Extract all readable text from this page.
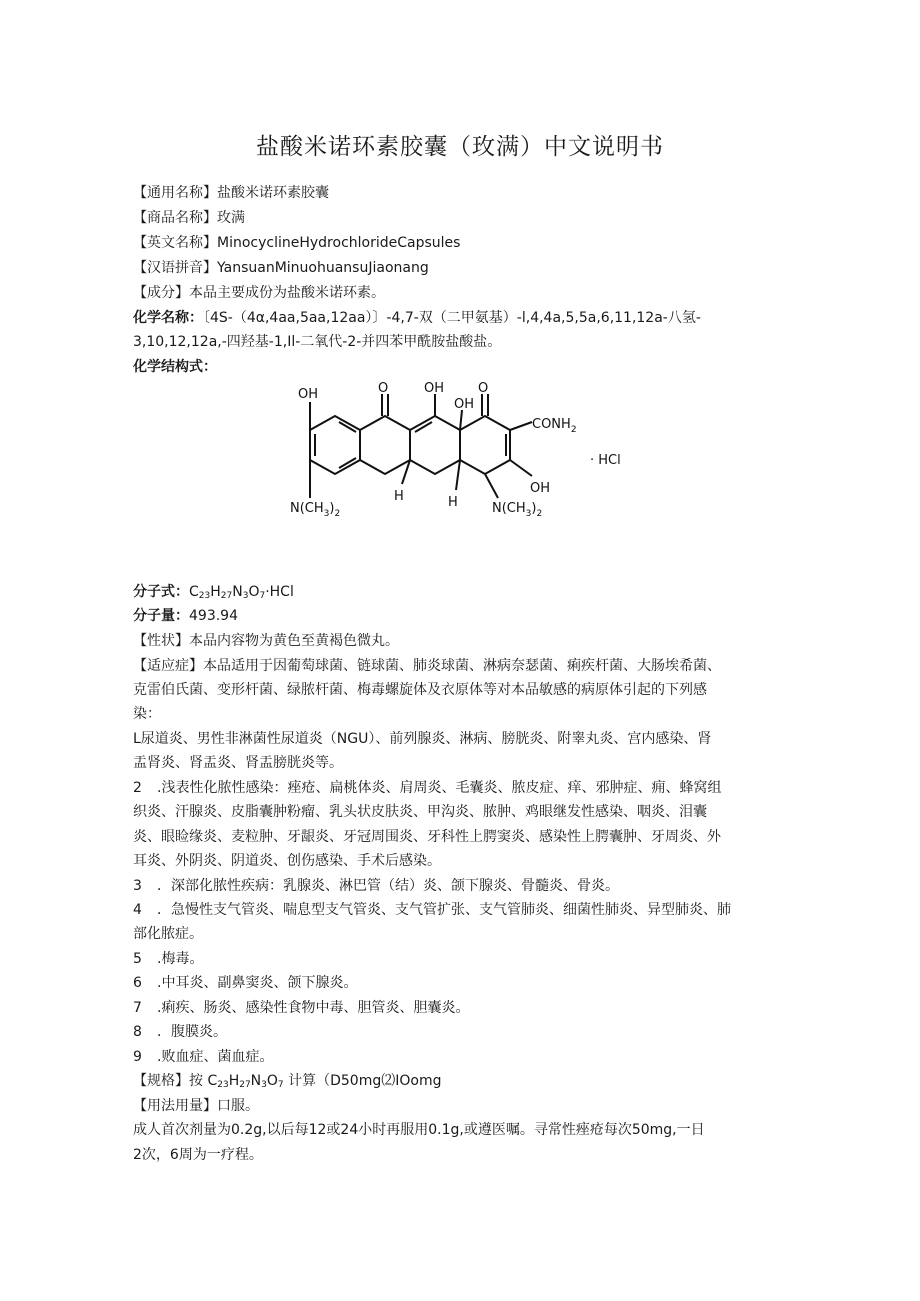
盐酸米诺环素胶囊（玫满）中文说明书

【通用名称】盐酸米诺环素胶囊

【商品名称】玫满

【英文名称】MinocyclineHydrochlorideCapsules

【汉语拼音】YansuanMinuohuansuJiaonang

【成分】本品主要成份为盐酸米诺环素。

化学名称：〔4S-（4α,4aa,5aa,12aa）〕-4,7-双（二甲氨基）-l,4,4a,5,5a,6,11,12a-八氢-

3,10,12,12a,-四羟基-1,Il-二氧代-2-并四苯甲酰胺盐酸盐。

化学结构式：

OH	O	OH
OH
O
$CONH_2$
· HCl
OH
H	H
$N(CH_3)_2$	$N(CH_3)_2$

分子式：$C_{23}H_{27}N_3O_7\cdot HCl$

分子量：493.94

【性状】本品内容物为黄色至黄褐色微丸。

【适应症】本品适用于因葡萄球菌、链球菌、肺炎球菌、淋病奈瑟菌、痢疾杆菌、大肠埃希菌、

克雷伯氏菌、变形杆菌、绿脓杆菌、梅毒螺旋体及衣原体等对本品敏感的病原体引起的下列感

染：

L尿道炎、男性非淋菌性尿道炎（NGU）、前列腺炎、淋病、膀胱炎、附睾丸炎、宫内感染、肾

盂肾炎、肾盂炎、肾盂膀胱炎等。

2 .浅表性化脓性感染：痤疮、扁桃体炎、肩周炎、毛囊炎、脓皮症、痒、邪肿症、痈、蜂窝组

织炎、汗腺炎、皮脂囊肿粉瘤、乳头状皮肤炎、甲沟炎、脓肿、鸡眼继发性感染、咽炎、泪囊

炎、眼睑缘炎、麦粒肿、牙龈炎、牙冠周围炎、牙科性上腭窦炎、感染性上腭囊肿、牙周炎、外

耳炎、外阴炎、阴道炎、创伤感染、手术后感染。

3 ．深部化脓性疾病：乳腺炎、淋巴管（结）炎、颌下腺炎、骨髓炎、骨炎。

4 ．急慢性支气管炎、喘息型支气管炎、支气管扩张、支气管肺炎、细菌性肺炎、异型肺炎、肺

部化脓症。

5 .梅毒。

6 .中耳炎、副鼻窦炎、颌下腺炎。

7 .痢疾、肠炎、感染性食物中毒、胆管炎、胆囊炎。

8 ．腹膜炎。

9 .败血症、菌血症。

【规格】按 $C_{23}H_{27}N_3O_7$ 计算（D50mg⑵IOomg

【用法用量】口服。

成人首次剂量为0.2g,以后每12或24小时再服用0.1g,或遵医嘱。寻常性痤疮每次50mg,一日

2次，6周为一疗程。
